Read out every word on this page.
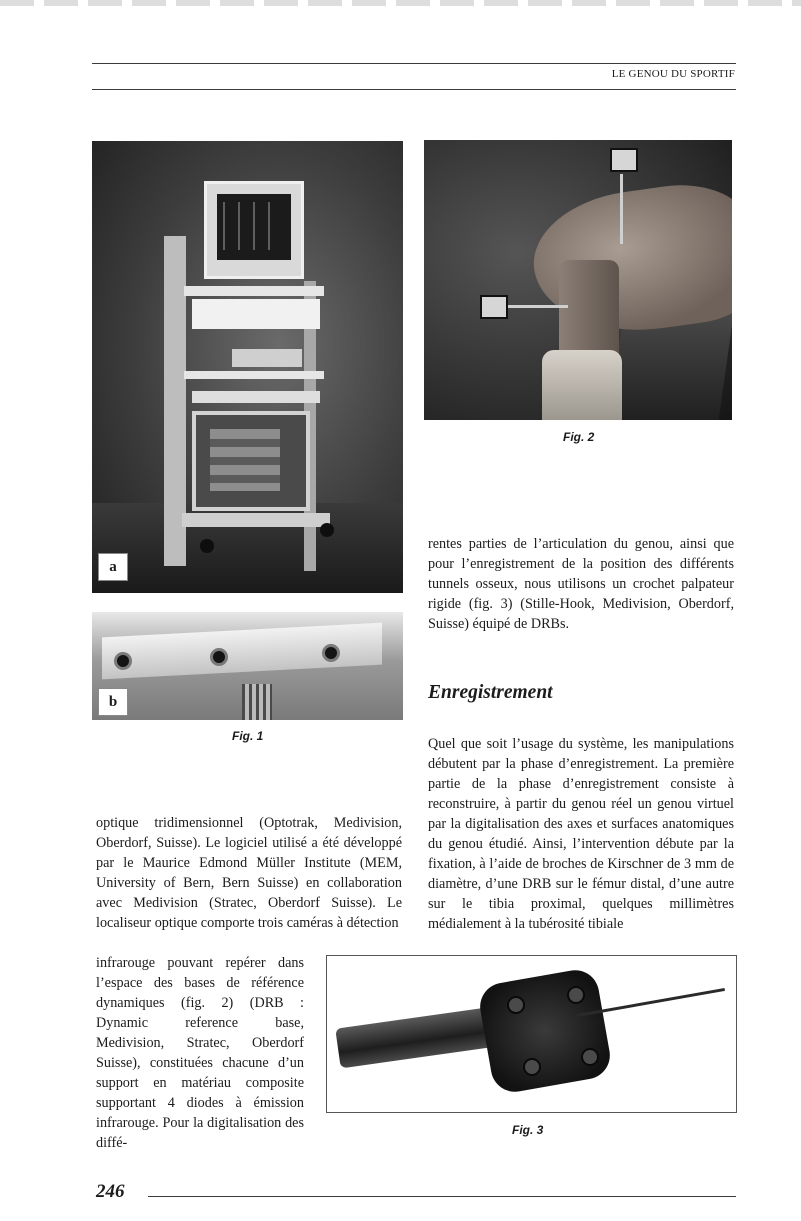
LE GENOU DU SPORTIF
a
b
Fig. 1
Fig. 2
rentes parties de l’articulation du genou, ainsi que pour l’enregistrement de la position des différents tunnels osseux, nous utilisons un crochet palpateur rigide (fig. 3) (Stille-Hook, Medivision, Oberdorf, Suisse) équipé de DRBs.
Enregistrement
Quel que soit l’usage du système, les manipulations débutent par la phase d’enregistrement. La première partie de la phase d’enregistrement consiste à reconstruire, à partir du genou réel un genou virtuel par la digitalisation des axes et surfaces anatomiques du genou étudié. Ainsi, l’intervention débute par la fixation, à l’aide de broches de Kirschner de 3 mm de diamètre, d’une DRB sur le fémur distal, d’une autre sur le tibia proximal, quelques millimètres médialement à la tubérosité tibiale
optique tridimensionnel (Optotrak, Medivision, Oberdorf, Suisse). Le logiciel utilisé a été développé par le Maurice Edmond Müller Institute (MEM, University of Bern, Bern Suisse) en collaboration avec Medivision (Stratec, Oberdorf Suisse). Le localiseur optique comporte trois caméras à détection
infrarouge pouvant repérer dans l’espace des bases de référence dynamiques (fig. 2) (DRB : Dynamic reference base, Medivision, Stratec, Oberdorf Suisse), constituées chacune d’un support en matériau composite supportant 4 diodes à émission infrarouge. Pour la digitalisation des diffé-
Fig. 3
246
